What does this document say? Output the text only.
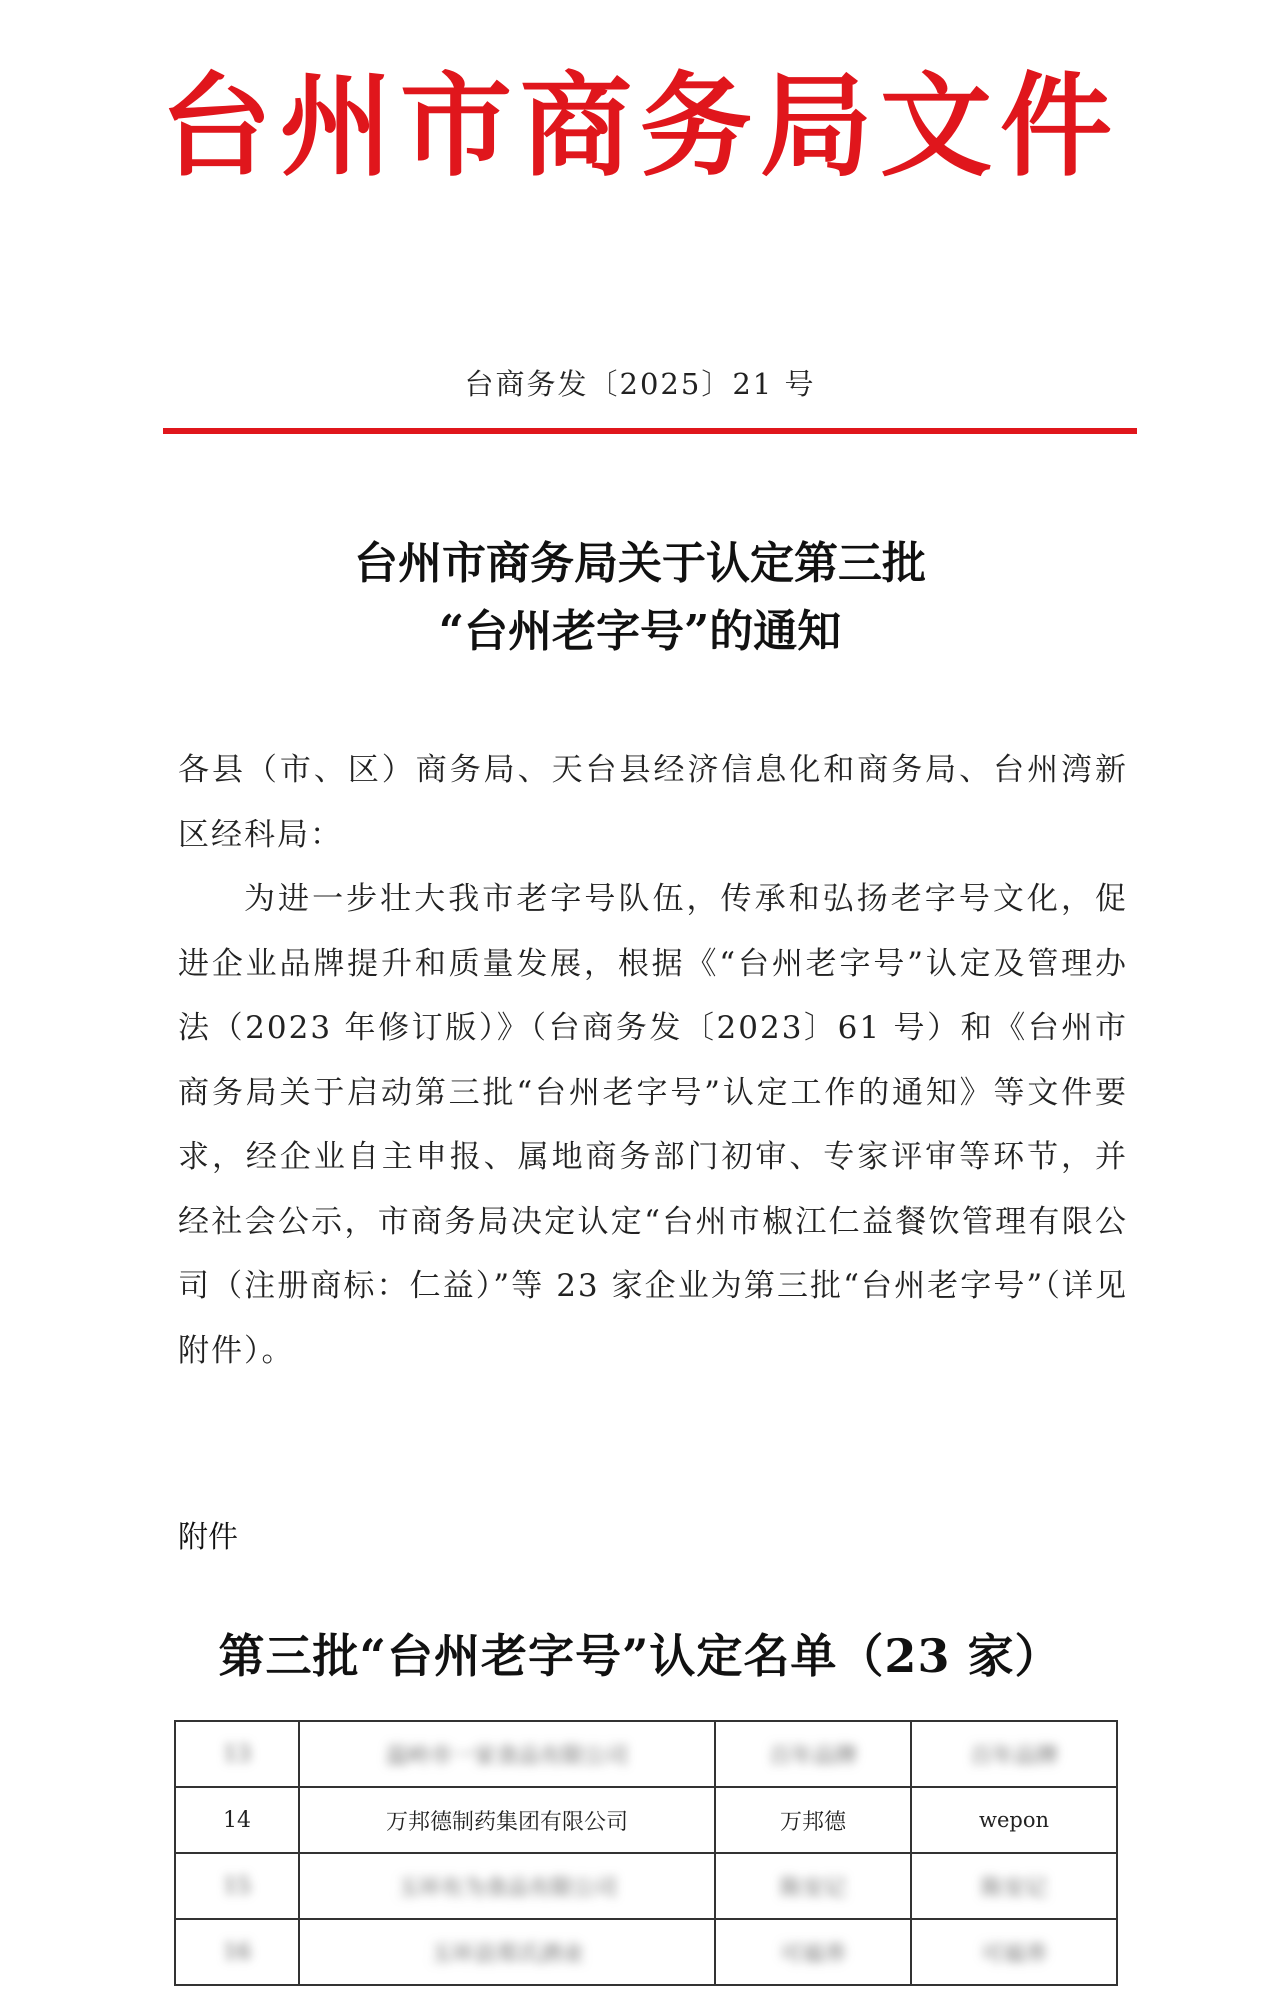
台州市商务局文件
台商务发〔2025〕21 号
台州市商务局关于认定第三批
“台州老字号”的通知

各县（市、区）商务局、天台县经济信息化和商务局、台州湾新区经科局：

为进一步壮大我市老字号队伍，传承和弘扬老字号文化，促进企业品牌提升和质量发展，根据《“台州老字号”认定及管理办法（2023 年修订版）》（台商务发〔2023〕61 号）和《台州市商务局关于启动第三批“台州老字号”认定工作的通知》等文件要求，经企业自主申报、属地商务部门初审、专家评审等环节，并经社会公示，市商务局决定认定“台州市椒江仁益餐饮管理有限公司（注册商标：仁益）”等 23 家企业为第三批“台州老字号”（详见附件）。

附件
第三批“台州老字号”认定名单（23 家）
13	温岭市一家食品有限公司	百年品牌	百年品牌
14	万邦德制药集团有限公司	万邦德	wepon
15	玉环有为食品有限公司	陈安记	陈安记
16	玉环县郑氏酒业	可福养	可福养
